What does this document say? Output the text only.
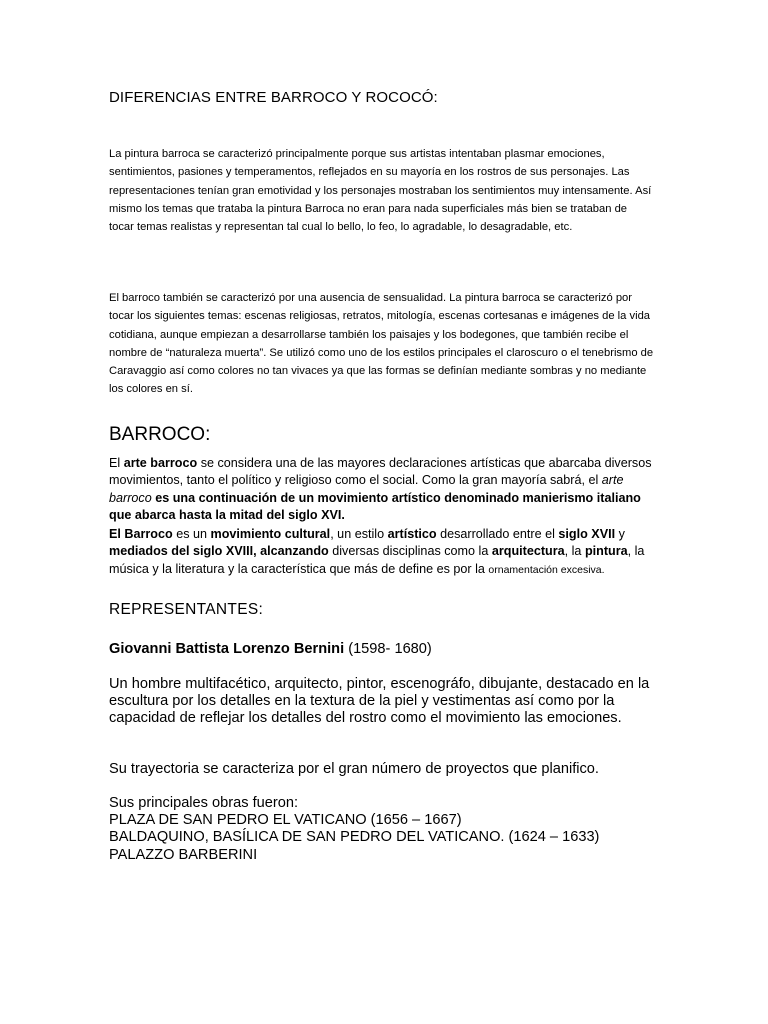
DIFERENCIAS ENTRE BARROCO Y ROCOCÓ:

La pintura barroca se caracterizó principalmente porque sus artistas intentaban plasmar emociones, sentimientos, pasiones y temperamentos, reflejados en su mayoría en los rostros de sus personajes. Las representaciones tenían gran emotividad y los personajes mostraban los sentimientos muy intensamente. Así mismo los temas que trataba la pintura Barroca no eran para nada superficiales más bien se trataban de tocar temas realistas y representan tal cual lo bello, lo feo, lo agradable, lo desagradable, etc.

El barroco también se caracterizó por una ausencia de sensualidad. La pintura barroca se caracterizó por tocar los siguientes temas: escenas religiosas, retratos, mitología, escenas cortesanas e imágenes de la vida cotidiana, aunque empiezan a desarrollarse también los paisajes y los bodegones, que también recibe el nombre de “naturaleza muerta”. Se utilizó como uno de los estilos principales el claroscuro o el tenebrismo de Caravaggio así como colores no tan vivaces ya que las formas se definían mediante sombras y no mediante los colores en sí.

BARROCO:

El arte barroco se considera una de las mayores declaraciones artísticas que abarcaba diversos movimientos, tanto el político y religioso como el social. Como la gran mayoría sabrá, el arte barroco es una continuación de un movimiento artístico denominado manierismo italiano que abarca hasta la mitad del siglo XVI.

El Barroco es un movimiento cultural, un estilo artístico desarrollado entre el siglo XVII y mediados del siglo XVIII, alcanzando diversas disciplinas como la arquitectura, la pintura, la música y la literatura y la característica que más de define es por la ornamentación excesiva.

REPRESENTANTES:

Giovanni Battista Lorenzo Bernini (1598- 1680)

Un hombre multifacético, arquitecto, pintor, escenográfo, dibujante, destacado en la escultura por los detalles en la textura de la piel y vestimentas así como por la capacidad de reflejar los detalles del rostro como el movimiento las emociones.

Su trayectoria se caracteriza por el gran número de proyectos que planifico.

Sus principales obras fueron:
PLAZA DE SAN PEDRO EL VATICANO (1656 – 1667)
BALDAQUINO, BASÍLICA DE SAN PEDRO DEL VATICANO. (1624 – 1633)
PALAZZO BARBERINI
